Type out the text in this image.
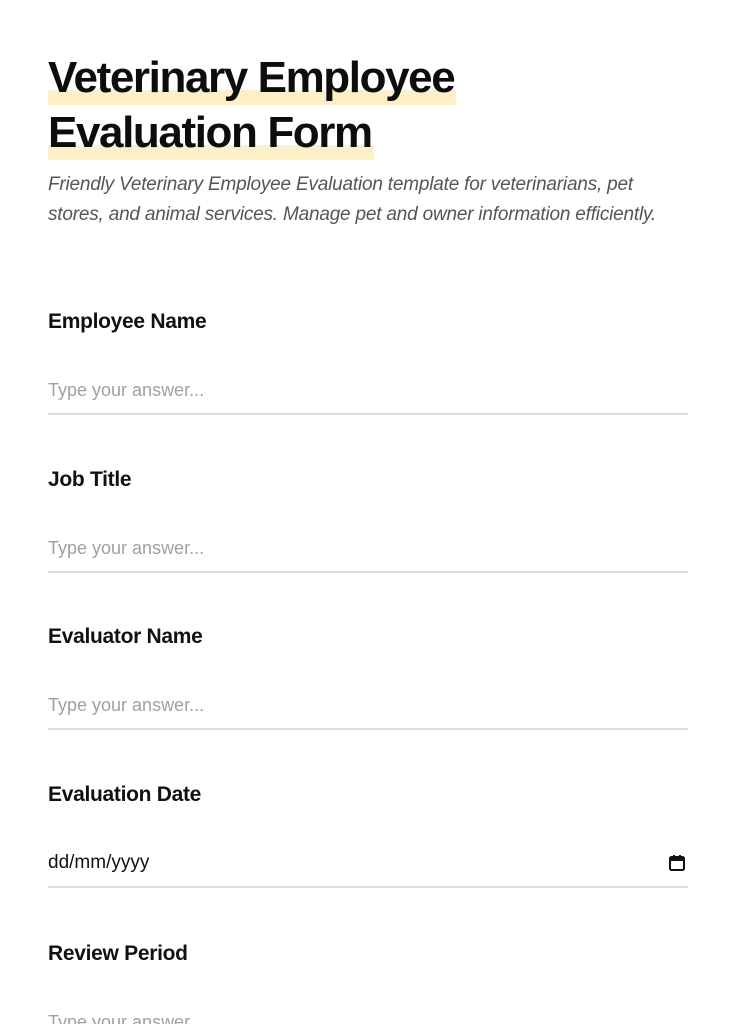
Veterinary Employee
Evaluation Form

Friendly Veterinary Employee Evaluation template for veterinarians, pet stores, and animal services. Manage pet and owner information efficiently.

Employee Name
Type your answer...
Job Title
Type your answer...
Evaluator Name
Type your answer...
Evaluation Date
dd/mm/yyyy
Review Period
Type your answer...
